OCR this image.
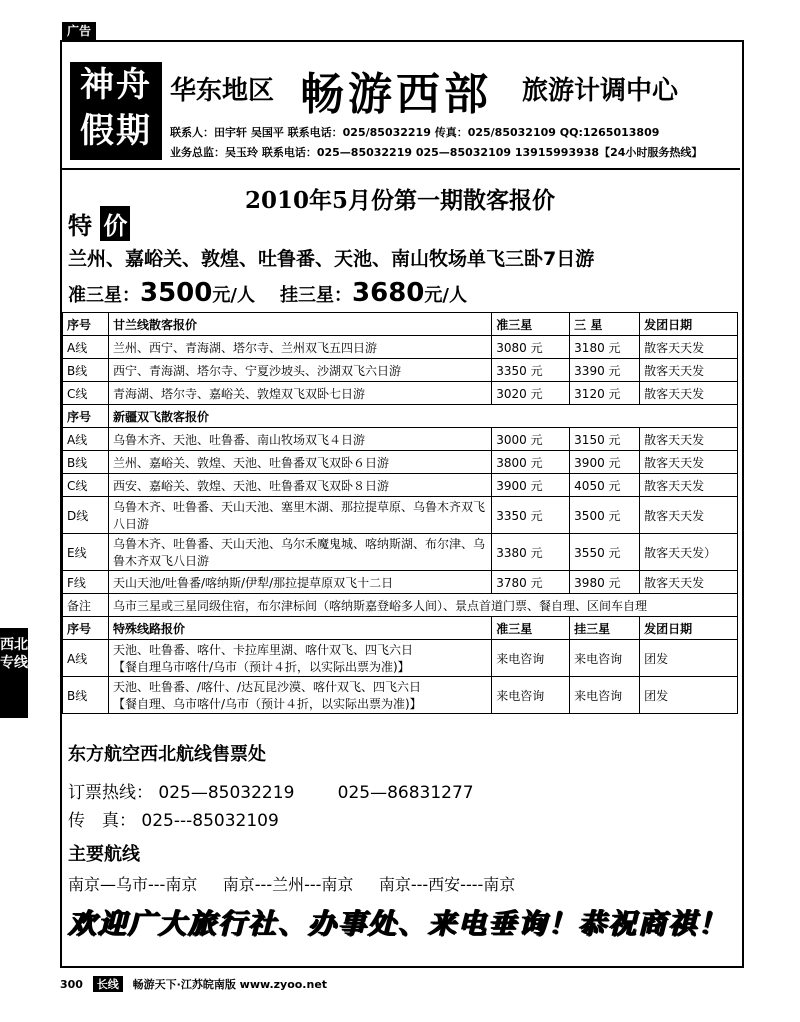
广告
神舟
假期
华东地区 畅游西部 旅游计调中心
联系人：田宇轩 吴国平 联系电话：025/85032219 传真：025/85032109 QQ:1265013809
业务总监：吴玉玲 联系电话：025—85032219 025—85032109 13915993938【24小时服务热线】
2010年5月份第一期散客报价
特 价
兰州、嘉峪关、敦煌、吐鲁番、天池、南山牧场单飞三卧7日游
准三星：3500元/人 挂三星：3680元/人
序号	甘兰线散客报价	准三星	三 星	发团日期
A线	兰州、西宁、青海湖、塔尔寺、兰州双飞五四日游	3080 元	3180 元	散客天天发
B线	西宁、青海湖、塔尔寺、宁夏沙坡头、沙湖双飞六日游	3350 元	3390 元	散客天天发
C线	青海湖、塔尔寺、嘉峪关、敦煌双飞双卧七日游	3020 元	3120 元	散客天天发
序号	新疆双飞散客报价			
A线	乌鲁木齐、天池、吐鲁番、南山牧场双飞４日游	3000 元	3150 元	散客天天发
B线	兰州、嘉峪关、敦煌、天池、吐鲁番双飞双卧６日游	3800 元	3900 元	散客天天发
C线	西安、嘉峪关、敦煌、天池、吐鲁番双飞双卧８日游	3900 元	4050 元	散客天天发
D线	乌鲁木齐、吐鲁番、天山天池、塞里木湖、那拉提草原、乌鲁木齐双飞八日游	3350 元	3500 元	散客天天发
E线	乌鲁木齐、吐鲁番、天山天池、乌尔禾魔鬼城、喀纳斯湖、布尔津、乌鲁木齐双飞八日游	3380 元	3550 元	散客天天发）
F线	天山天池/吐鲁番/喀纳斯/伊犁/那拉提草原双飞十二日	3780 元	3980 元	散客天天发
备注	乌市三星或三星同级住宿，布尔津标间（喀纳斯嘉登峪多人间）、景点首道门票、餐自理、区间车自理			
序号	特殊线路报价	准三星	挂三星	发团日期
A线	天池、吐鲁番、喀什、卡拉库里湖、喀什双飞、四飞六日
【餐自理乌市喀什/乌市（预计４折，以实际出票为准)】	来电咨询	来电咨询	团发
B线	天池、吐鲁番、/喀什、/达瓦昆沙漠、喀什双飞、四飞六日
【餐自理、乌市喀什/乌市（预计４折，以实际出票为准)】	来电咨询	来电咨询	团发
西北专线
东方航空西北航线售票处
订票热线： 025—85032219	025—86831277
传　真： 025---85032109
主要航线
南京—乌市---南京 南京---兰州---南京 南京---西安----南京
欢迎广大旅行社、办事处、来电垂询！恭祝商祺！
300 长线 畅游天下·江苏皖南版 www.zyoo.net
